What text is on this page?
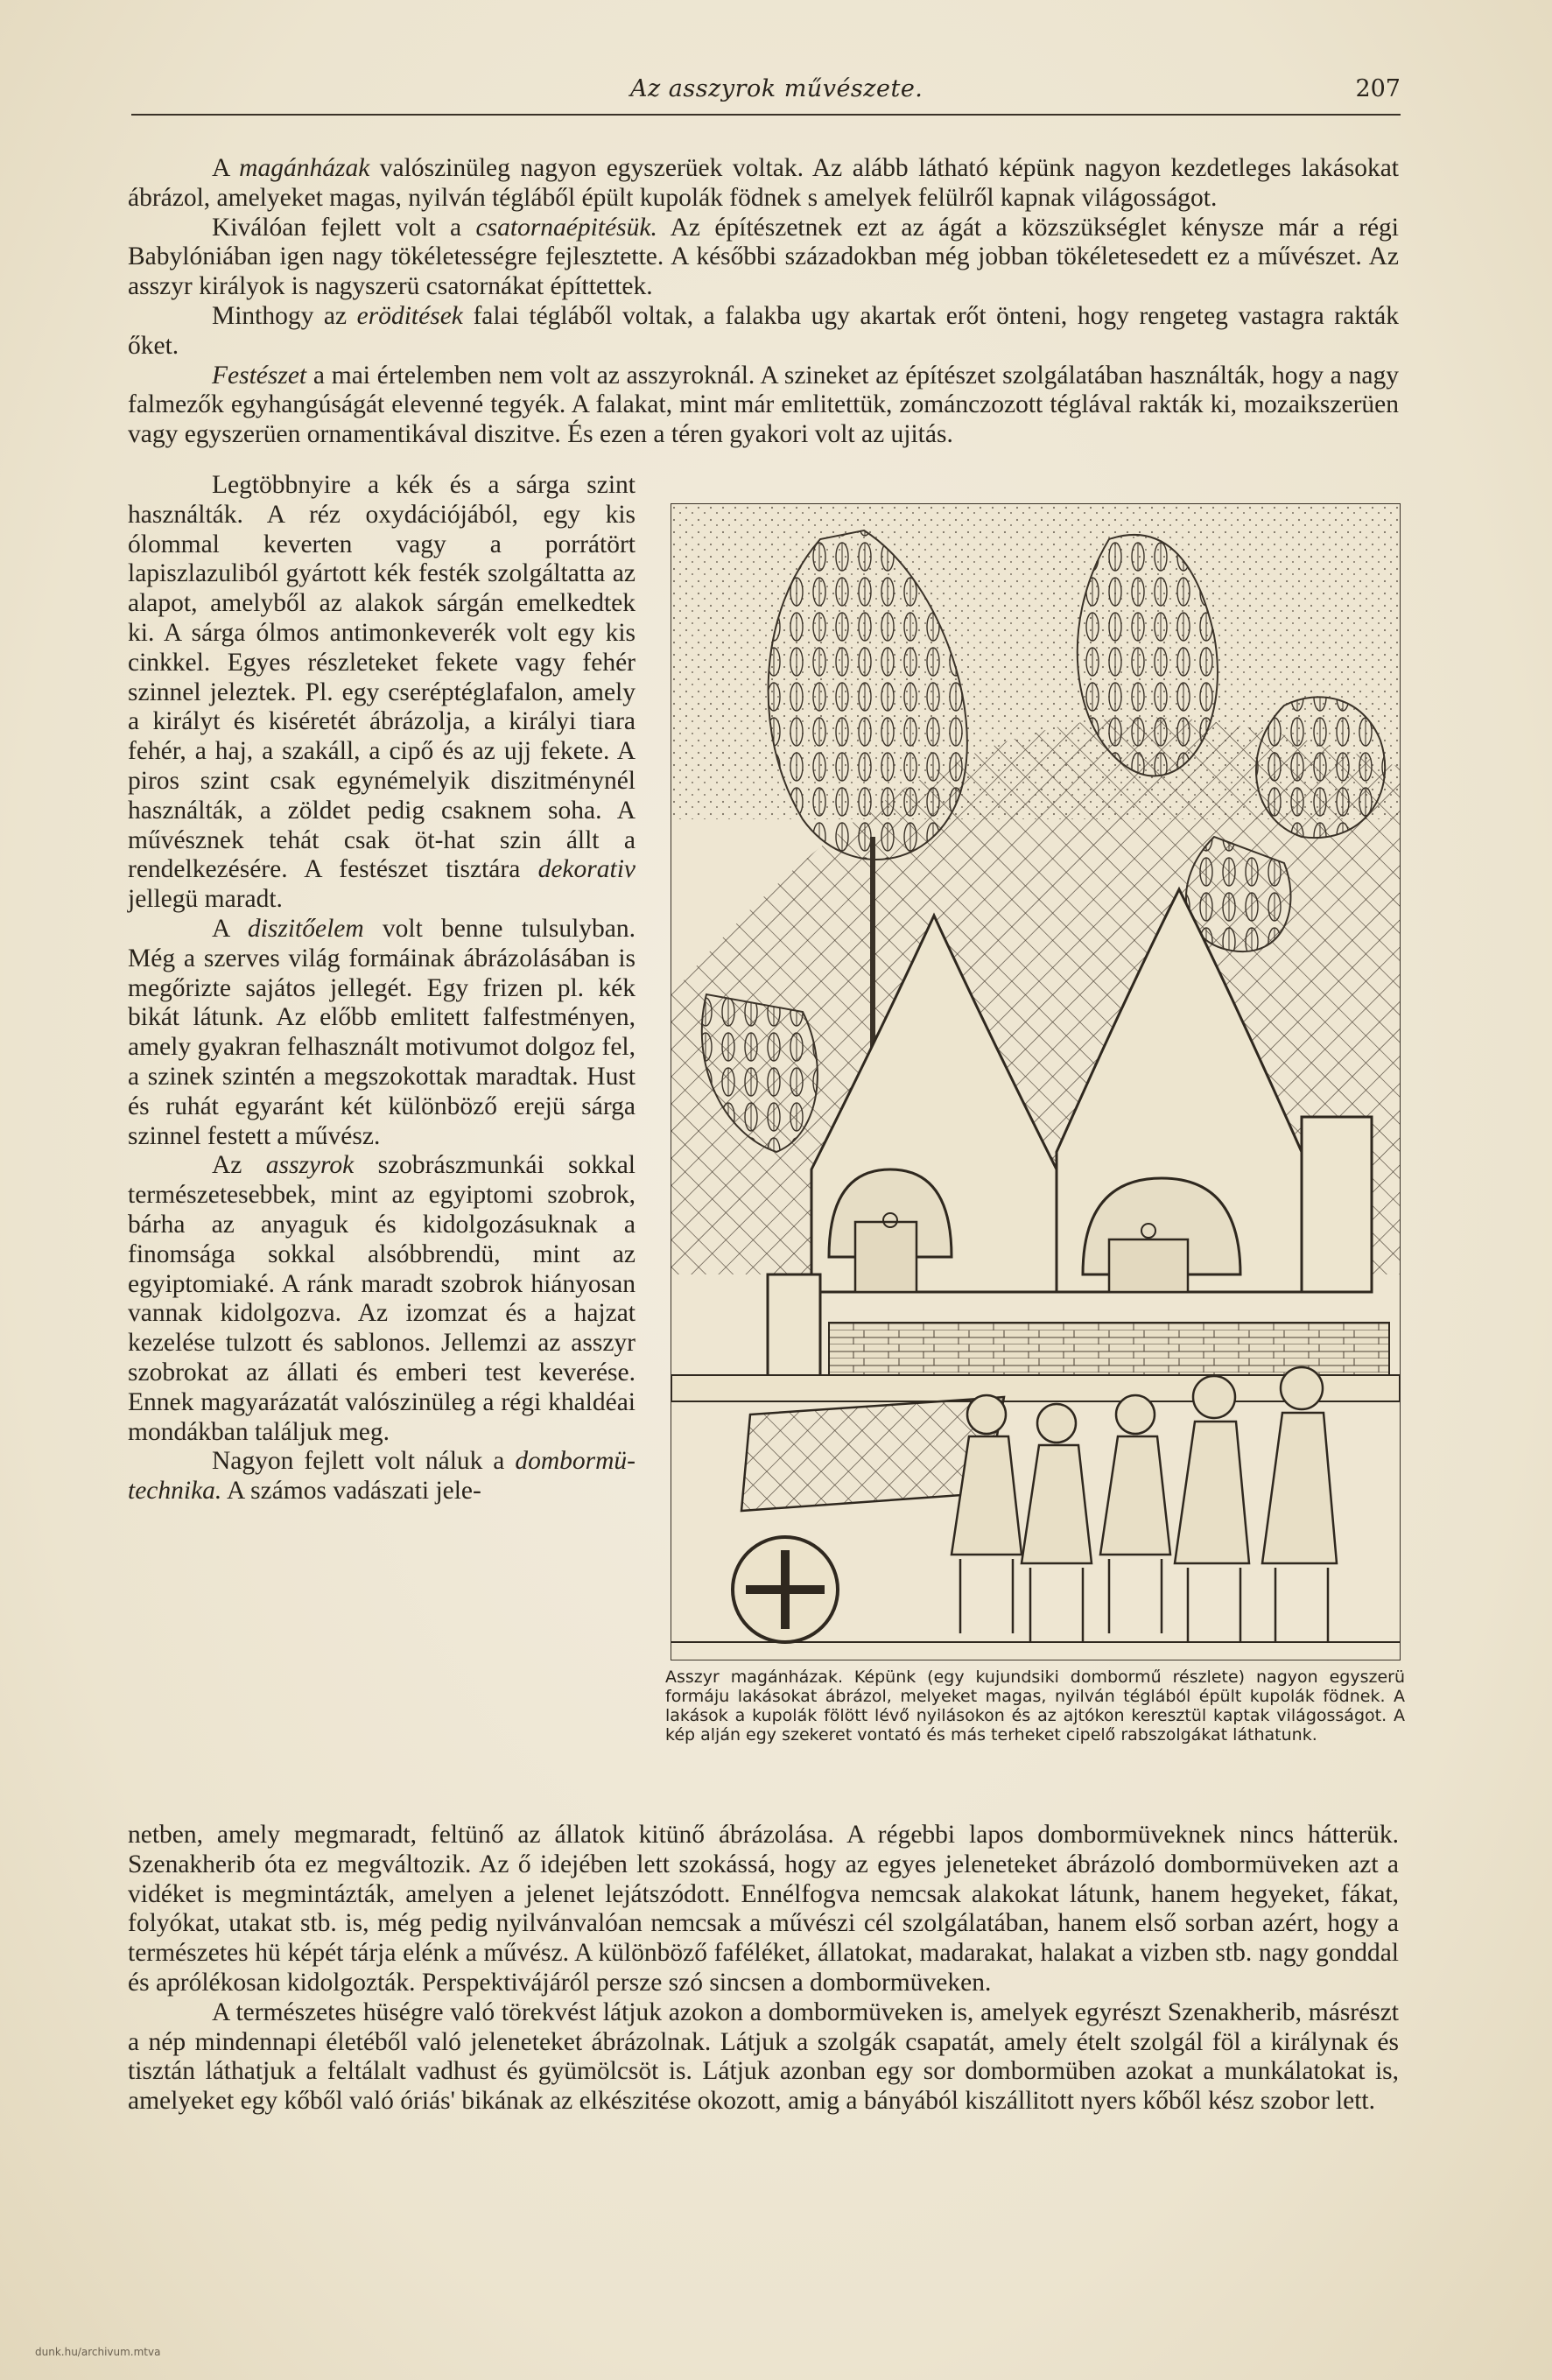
Az asszyrok művészete.	207

A magánházak valószinüleg nagyon egyszerüek voltak. Az alább látható képünk nagyon kezdetleges lakásokat ábrázol, amelyeket magas, nyilván tégláből épült kupolák födnek s amelyek felülről kapnak világosságot.

Kiválóan fejlett volt a csatornaépitésük. Az építészetnek ezt az ágát a közszükséglet kénysze már a régi Babylóniában igen nagy tökéletességre fejlesztette. A későbbi századokban még jobban tökéletesedett ez a művészet. Az asszyr királyok is nagyszerü csatornákat építtettek.

Minthogy az eröditések falai tégláből voltak, a falakba ugy akartak erőt önteni, hogy rengeteg vastagra rakták őket.

Festészet a mai értelemben nem volt az asszyroknál. A szineket az építészet szolgálatában használták, hogy a nagy falmezők egyhangúságát elevenné tegyék. A falakat, mint már emlitettük, zománczozott téglával rakták ki, mozaikszerüen vagy egyszerüen ornamentikával diszitve. És ezen a téren gyakori volt az ujitás.

Legtöbbnyire a kék és a sárga szint használták. A réz oxydációjából, egy kis ólommal keverten vagy a porrátört lapiszlazuliból gyártott kék festék szolgáltatta az alapot, amelyből az alakok sárgán emelkedtek ki. A sárga ólmos antimonkeverék volt egy kis cinkkel. Egyes részleteket fekete vagy fehér szinnel jeleztek. Pl. egy cseréptéglafalon, amely a királyt és kiséretét ábrázolja, a királyi tiara fehér, a haj, a szakáll, a cipő és az ujj fekete. A piros szint csak egynémelyik diszitménynél használták, a zöldet pedig csaknem soha. A művésznek tehát csak öt-hat szin állt a rendelkezésére. A festészet tisztára dekorativ jellegü maradt.

A diszitőelem volt benne tulsulyban. Még a szerves világ formáinak ábrázolásában is megőrizte sajátos jellegét. Egy frizen pl. kék bikát látunk. Az előbb emlitett falfestményen, amely gyakran felhasznált motivumot dolgoz fel, a szinek szintén a megszokottak maradtak. Hust és ruhát egyaránt két különböző erejü sárga szinnel festett a művész.

Az asszyrok szobrászmunkái sokkal természetesebbek, mint az egyiptomi szobrok, bárha az anyaguk és kidolgozásuknak a finomsága sokkal alsóbbrendü, mint az egyiptomiaké. A ránk maradt szobrok hiányosan vannak kidolgozva. Az izomzat és a hajzat kezelése tulzott és sablonos. Jellemzi az asszyr szobrokat az állati és emberi test keverése. Ennek magyarázatát valószinüleg a régi khaldéai mondákban találjuk meg.

Nagyon fejlett volt náluk a dombormü-technika. A számos vadászati jele-

Asszyr magánházak. Képünk (egy kujundsiki dombormű részlete) nagyon egyszerü formáju lakásokat ábrázol, melyeket magas, nyilván téglából épült kupolák födnek. A lakások a kupolák fölött lévő nyilásokon és az ajtókon keresztül kaptak világosságot. A kép alján egy szekeret vontató és más terheket cipelő rabszolgákat láthatunk.

netben, amely megmaradt, feltünő az állatok kitünő ábrázolása. A régebbi lapos dombormüveknek nincs hátterük. Szenakherib óta ez megváltozik. Az ő idejében lett szokássá, hogy az egyes jeleneteket ábrázoló dombormüveken azt a vidéket is megmintázták, amelyen a jelenet lejátszódott. Ennélfogva nemcsak alakokat látunk, hanem hegyeket, fákat, folyókat, utakat stb. is, még pedig nyilvánvalóan nemcsak a művészi cél szolgálatában, hanem első sorban azért, hogy a természetes hü képét tárja elénk a művész. A különböző faféléket, állatokat, madarakat, halakat a vizben stb. nagy gonddal és aprólékosan kidolgozták. Perspektivájáról persze szó sincsen a dombormüveken.

A természetes hüségre való törekvést látjuk azokon a dombormüveken is, amelyek egyrészt Szenakherib, másrészt a nép mindennapi életéből való jeleneteket ábrázolnak. Látjuk a szolgák csapatát, amely ételt szolgál föl a királynak és tisztán láthatjuk a feltálalt vadhust és gyümölcsöt is. Látjuk azonban egy sor dombormüben azokat a munkálatokat is, amelyeket egy kőből való óriás' bikának az elkészitése okozott, amig a bányából kiszállitott nyers kőből kész szobor lett.

dunk.hu/archivum.mtva
